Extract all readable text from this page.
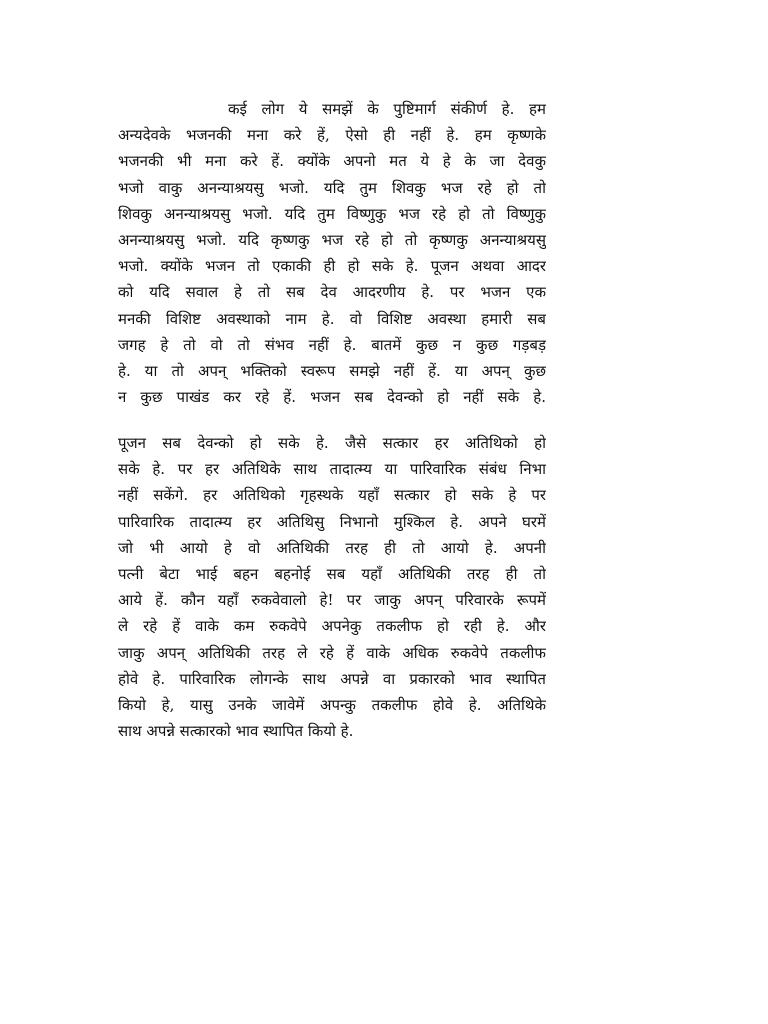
कई लोग ये समझें के पुष्टिमार्ग संकीर्ण हे. हम
अन्यदेवके भजनकी मना करे हें, ऐसो ही नहीं हे. हम कृष्णके
भजनकी भी मना करे हें. क्योंके अपनो मत ये हे के जा देवकु
भजो वाकु अनन्याश्रयसु भजो. यदि तुम शिवकु भज रहे हो तो
शिवकु अनन्याश्रयसु भजो. यदि तुम विष्णुकु भज रहे हो तो विष्णुकु
अनन्याश्रयसु भजो. यदि कृष्णकु भज रहे हो तो कृष्णकु अनन्याश्रयसु
भजो. क्योंके भजन तो एकाकी ही हो सके हे. पूजन अथवा आदर
को यदि सवाल हे तो सब देव आदरणीय हे. पर भजन एक
मनकी विशिष्ट अवस्थाको नाम हे. वो विशिष्ट अवस्था हमारी सब
जगह हे तो वो तो संभव नहीं हे. बातमें कुछ न कुछ गड़बड़
हे. या तो अपन् भक्तिको स्वरूप समझे नहीं हें. या अपन् कुछ
न कुछ पाखंड कर रहे हें. भजन सब देवन्को हो नहीं सके हे.
पूजन सब देवन्को हो सके हे. जैसे सत्कार हर अतिथिको हो
सके हे. पर हर अतिथिके साथ तादात्म्य या पारिवारिक संबंध निभा
नहीं सकेंगे. हर अतिथिको गृहस्थके यहाँ सत्कार हो सके हे पर
पारिवारिक तादात्म्य हर अतिथिसु निभानो मुश्किल हे. अपने घरमें
जो भी आयो हे वो अतिथिकी तरह ही तो आयो हे. अपनी
पत्नी बेटा भाई बहन बहनोई सब यहाँ अतिथिकी तरह ही तो
आये हें. कौन यहाँ रुकवेवालो हे! पर जाकु अपन् परिवारके रूपमें
ले रहे हें वाके कम रुकवेपे अपनेकु तकलीफ हो रही हे. और
जाकु अपन् अतिथिकी तरह ले रहे हें वाके अधिक रुकवेपे तकलीफ
होवे हे. पारिवारिक लोगन्के साथ अपन्ने वा प्रकारको भाव स्थापित
कियो हे, यासु उनके जावेमें अपन्कु तकलीफ होवे हे. अतिथिके
साथ अपन्ने सत्कारको भाव स्थापित कियो हे.
